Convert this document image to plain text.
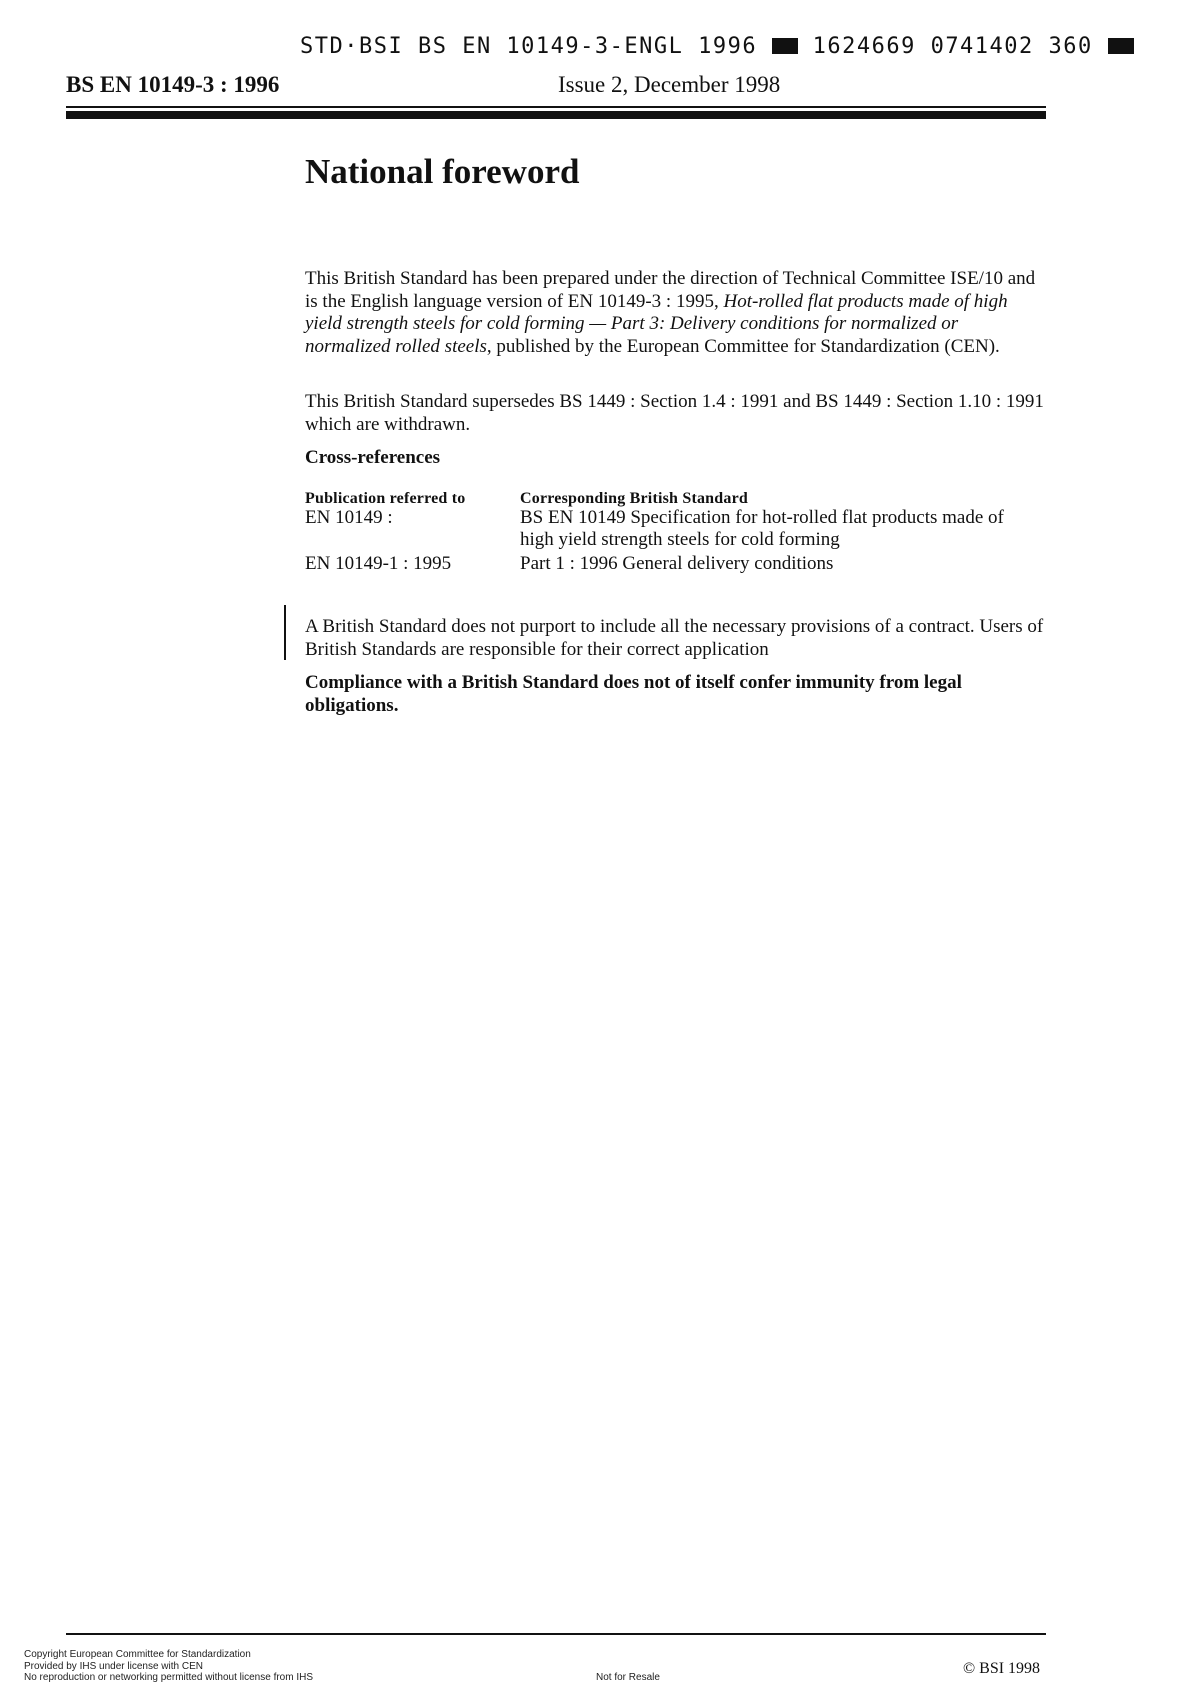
STD·BSI BS EN 10149-3-ENGL 1996	1624669 0741402 360
BS EN 10149-3 : 1996	Issue 2, December 1998
National foreword
This British Standard has been prepared under the direction of Technical Committee ISE/10 and is the English language version of EN 10149-3 : 1995, Hot-rolled flat products made of high yield strength steels for cold forming — Part 3: Delivery conditions for normalized or normalized rolled steels, published by the European Committee for Standardization (CEN).
This British Standard supersedes BS 1449 : Section 1.4 : 1991 and BS 1449 : Section 1.10 : 1991 which are withdrawn.
Cross-references
Publication referred to	Corresponding British Standard
EN 10149 :	BS EN 10149 Specification for hot-rolled flat products made of high yield strength steels for cold forming
EN 10149-1 : 1995	Part 1 : 1996 General delivery conditions
A British Standard does not purport to include all the necessary provisions of a contract. Users of British Standards are responsible for their correct application
Compliance with a British Standard does not of itself confer immunity from legal obligations.
Copyright European Committee for Standardization
Provided by IHS under license with CEN
No reproduction or networking permitted without license from IHS	Not for Resale
© BSI 1998
